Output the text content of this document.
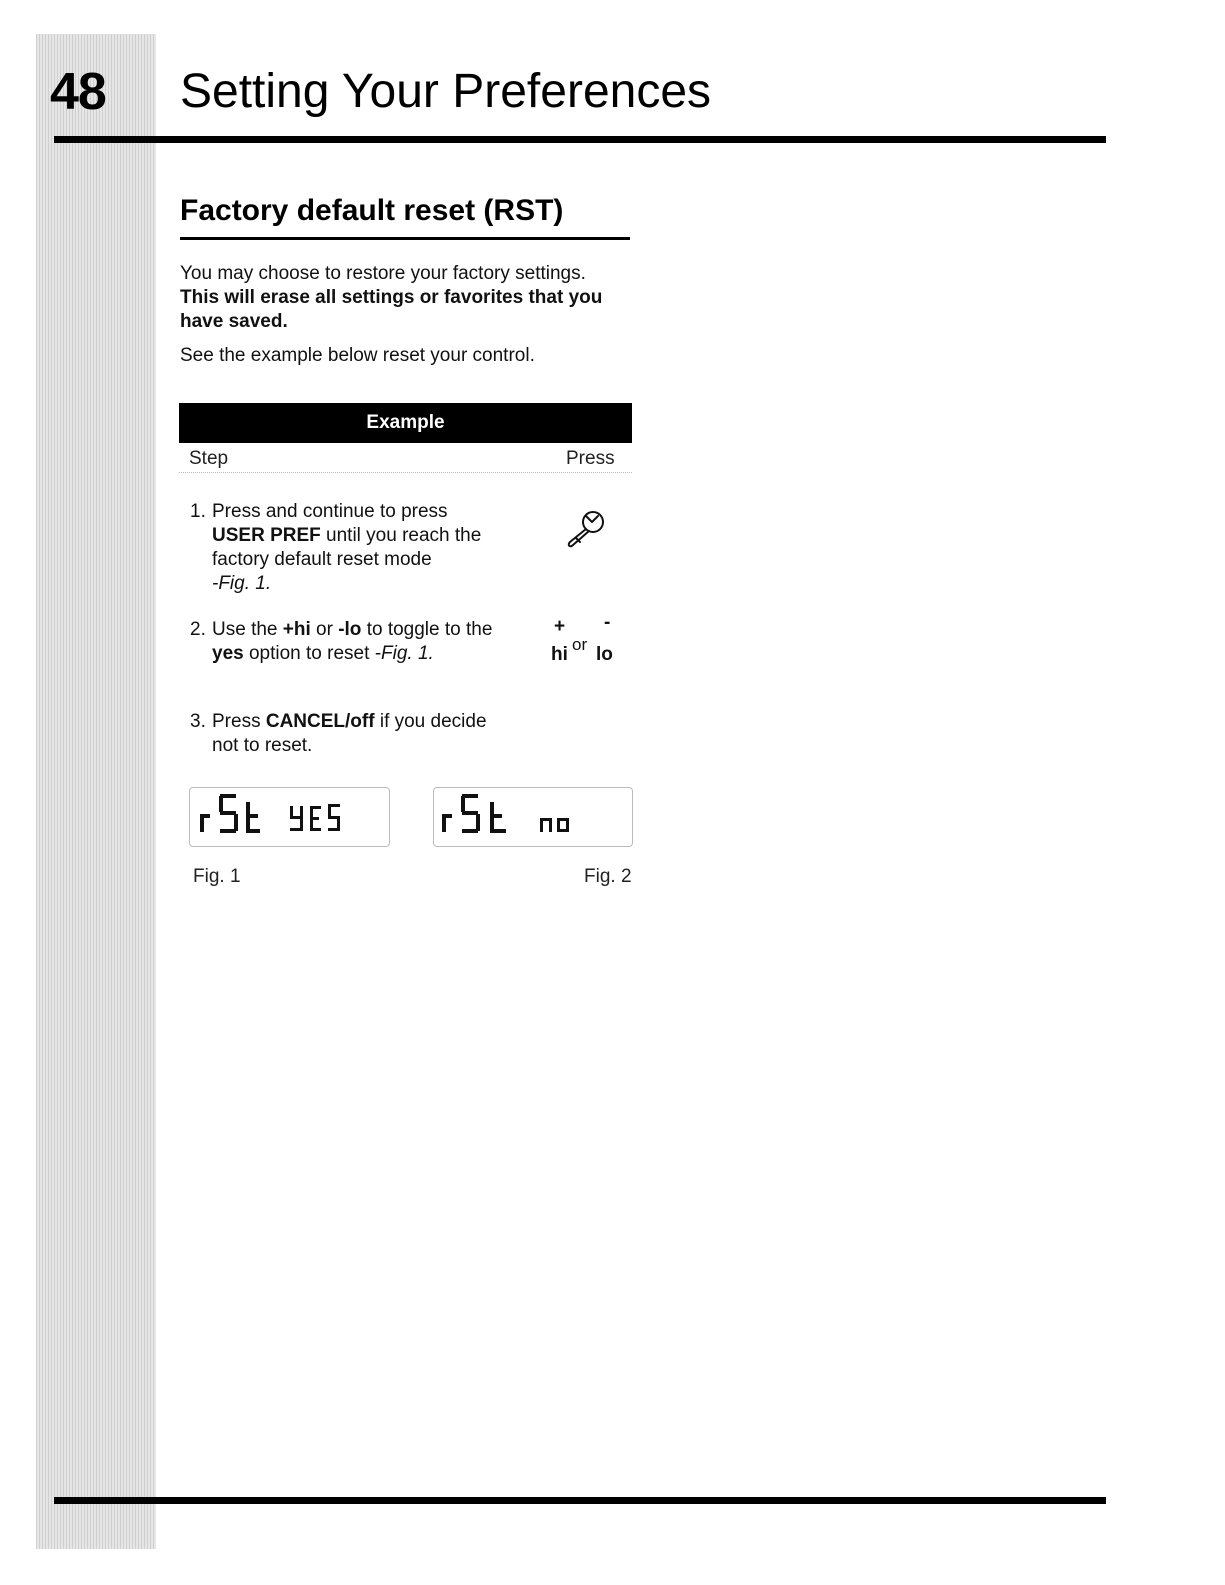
48 Setting Your Preferences
Factory default reset (RST)

You may choose to restore your factory settings.

This will erase all settings or favorites that you have saved.

See the example below reset your control.

Example
Step	Press
1. Press and continue to press
USER PREF until you reach the factory default reset mode
-Fig. 1.
2. Use the +hi or -lo to toggle to the yes option to reset -Fig. 1.
+ -
hi or lo
3. Press CANCEL/off if you decide not to reset.
Fig. 1	Fig. 2
